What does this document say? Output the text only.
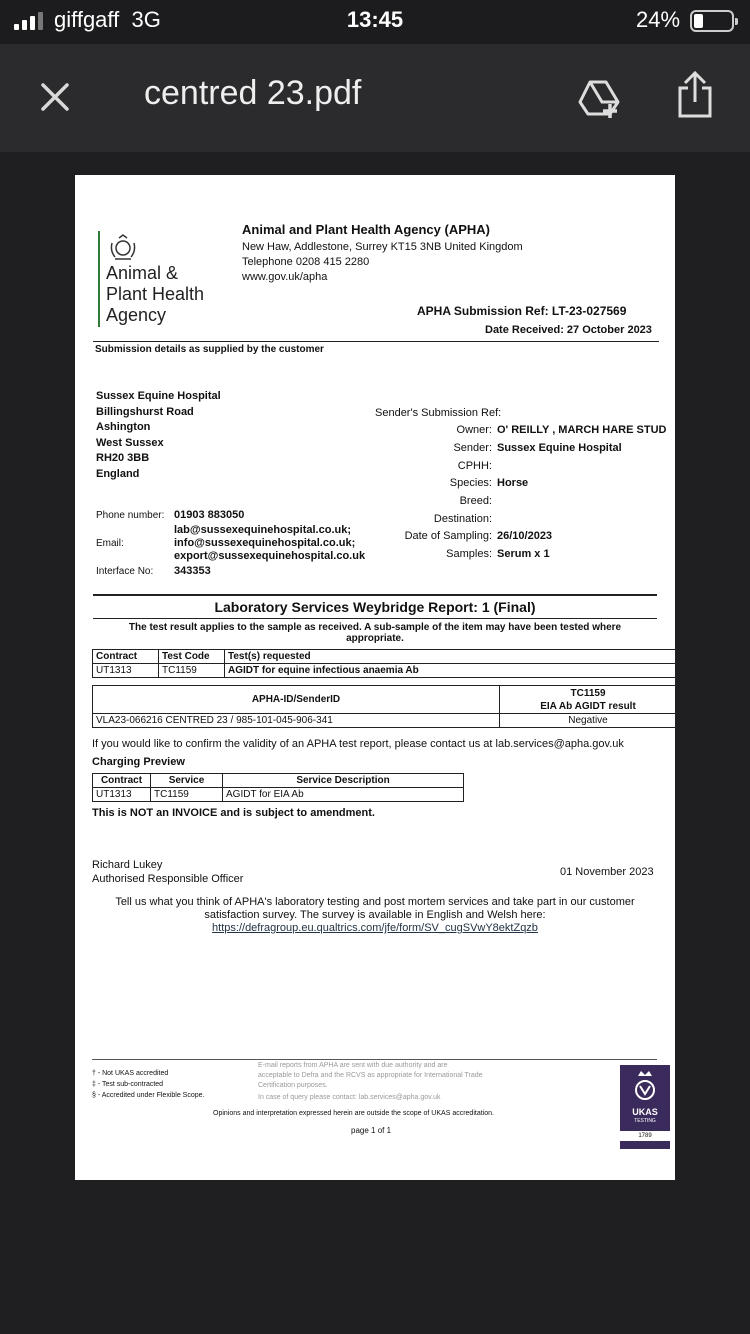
giffgaff 3G	13:45	24%
centred 23.pdf
Animal &
Plant Health
Agency
Animal and Plant Health Agency (APHA)
New Haw, Addlestone, Surrey KT15 3NB United Kingdom
Telephone 0208 415 2280
www.gov.uk/apha
APHA Submission Ref: LT-23-027569
Date Received: 27 October 2023
Submission details as supplied by the customer
Sussex Equine Hospital
Billingshurst Road
Ashington
West Sussex
RH20 3BB
England
Sender's Submission Ref:
Owner: O' REILLY , MARCH HARE STUD
Sender: Sussex Equine Hospital
CPHH:
Species: Horse
Breed:
Destination:
Date of Sampling: 26/10/2023
Samples: Serum x 1
Phone number: 01903 883050
Email:
lab@sussexequinehospital.co.uk;
info@sussexequinehospital.co.uk;
export@sussexequinehospital.co.uk
Interface No: 343353
Laboratory Services Weybridge Report: 1 (Final)
The test result applies to the sample as received. A sub-sample of the item may have been tested where
appropriate.
Contract	Test Code	Test(s) requested
UT1313	TC1159	AGIDT for equine infectious anaemia Ab
APHA-ID/SenderID	TC1159
EIA Ab AGIDT result

VLA23-066216 CENTRED 23 / 985-101-045-906-341	Negative
If you would like to confirm the validity of an APHA test report, please contact us at lab.services@apha.gov.uk
Charging Preview
Contract	Service	Service Description
UT1313	TC1159	AGIDT for EIA Ab
This is NOT an INVOICE and is subject to amendment.
Richard Lukey
Authorised Responsible Officer
01 November 2023
Tell us what you think of APHA's laboratory testing and post mortem services and take part in our customer
satisfaction survey. The survey is available in English and Welsh here:
https://defragroup.eu.qualtrics.com/jfe/form/SV_cugSVwY8ektZqzb
† - Not UKAS accredited
‡ - Test sub-contracted
§ - Accredited under Flexible Scope.
E-mail reports from APHA are sent with due authority and are
acceptable to Defra and the RCVS as appropriate for International Trade
Certification purposes.
In case of query please contact: lab.services@apha.gov.uk
Opinions and interpretation expressed herein are outside the scope of UKAS accreditation.
page 1 of 1
UKAS
TESTING
1789
